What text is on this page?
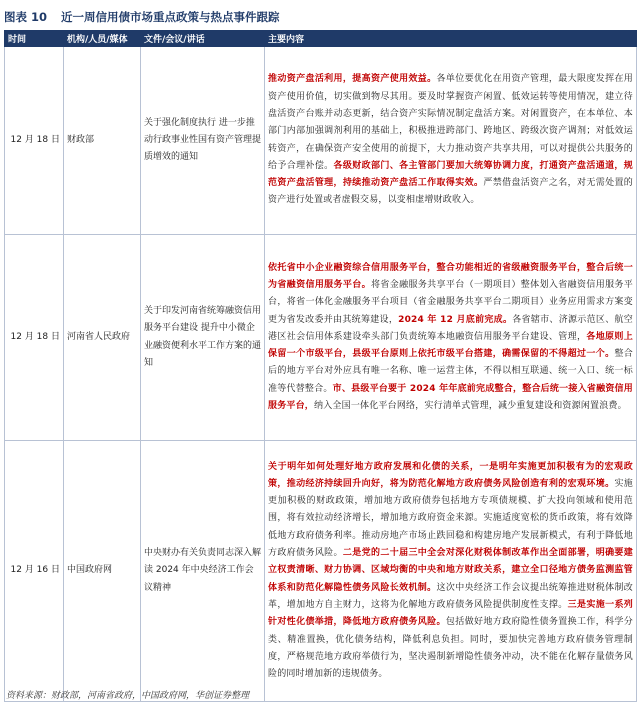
图表 10 近一周信用债市场重点政策与热点事件跟踪
时间	机构/人员/媒体	文件/会议/讲话	主要内容
12 月 18 日	财政部	关于强化制度执行 进一步推动行政事业性国有资产管理提质增效的通知	推动资产盘活利用，提高资产使用效益。各单位要优化在用资产管理，最大限度发挥在用资产使用价值，切实做到物尽其用。要及时掌握资产闲置、低效运转等使用情况，建立待盘活资产台账并动态更新，结合资产实际情况制定盘活方案。对闲置资产，在本单位、本部门内部加强调剂利用的基础上，积极推进跨部门、跨地区、跨级次资产调剂；对低效运转资产，在确保资产安全使用的前提下，大力推动资产共享共用，可以对提供公共服务的给予合理补偿。各级财政部门、各主管部门要加大统筹协调力度，打通资产盘活通道，规范资产盘活管理，持续推动资产盘活工作取得实效。严禁借盘活资产之名，对无需处置的资产进行处置或者虚假交易，以变相虚增财政收入。
12 月 18 日	河南省人民政府	关于印发河南省统筹融资信用服务平台建设 提升中小微企业融资便利水平工作方案的通知	依托省中小企业融资综合信用服务平台，整合功能相近的省级融资服务平台，整合后统一为省融资信用服务平台。将省金融服务共享平台（一期项目）整体划入省融资信用服务平台，将省一体化金融服务平台项目（省金融服务共享平台二期项目）业务应用需求方案变更为省发改委并由其统筹建设，2024 年 12 月底前完成。各省辖市、济源示范区、航空港区社会信用体系建设牵头部门负责统筹本地融资信用服务平台建设、管理，各地原则上保留一个市级平台，县级平台原则上依托市级平台搭建，确需保留的不得超过一个。整合后的地方平台对外应具有唯一名称、唯一运营主体，不得以相互联通、统一入口、统一标准等代替整合。市、县级平台要于 2024 年年底前完成整合，整合后统一接入省融资信用服务平台，纳入全国一体化平台网络，实行清单式管理，减少重复建设和资源闲置浪费。
12 月 16 日	中国政府网	中央财办有关负责同志深入解读 2024 年中央经济工作会议精神	关于明年如何处理好地方政府发展和化债的关系，一是明年实施更加积极有为的宏观政策，推动经济持续回升向好，将为防范化解地方政府债务风险创造有利的宏观环境。实施更加积极的财政政策，增加地方政府债券包括地方专项债规模、扩大投向领域和使用范围，将有效拉动经济增长，增加地方政府资金来源。实施适度宽松的货币政策，将有效降低地方政府债务利率。推动房地产市场止跌回稳和构建房地产发展新模式，有利于降低地方政府债务风险。二是党的二十届三中全会对深化财税体制改革作出全面部署，明确要建立权责清晰、财力协调、区域均衡的中央和地方财政关系，建立全口径地方债务监测监管体系和防范化解隐性债务风险长效机制。这次中央经济工作会议提出统筹推进财税体制改革，增加地方自主财力，这将为化解地方政府债务风险提供制度性支撑。三是实施一系列针对性化债举措，降低地方政府债务风险。包括做好地方政府隐性债务置换工作，科学分类、精准置换，优化债务结构，降低利息负担。同时，要加快完善地方政府债务管理制度，严格规范地方政府举债行为，坚决遏制新增隐性债务冲动，决不能在化解存量债务风险的同时增加新的违规债务。
资料来源：财政部，河南省政府，中国政府网，华创证券整理
